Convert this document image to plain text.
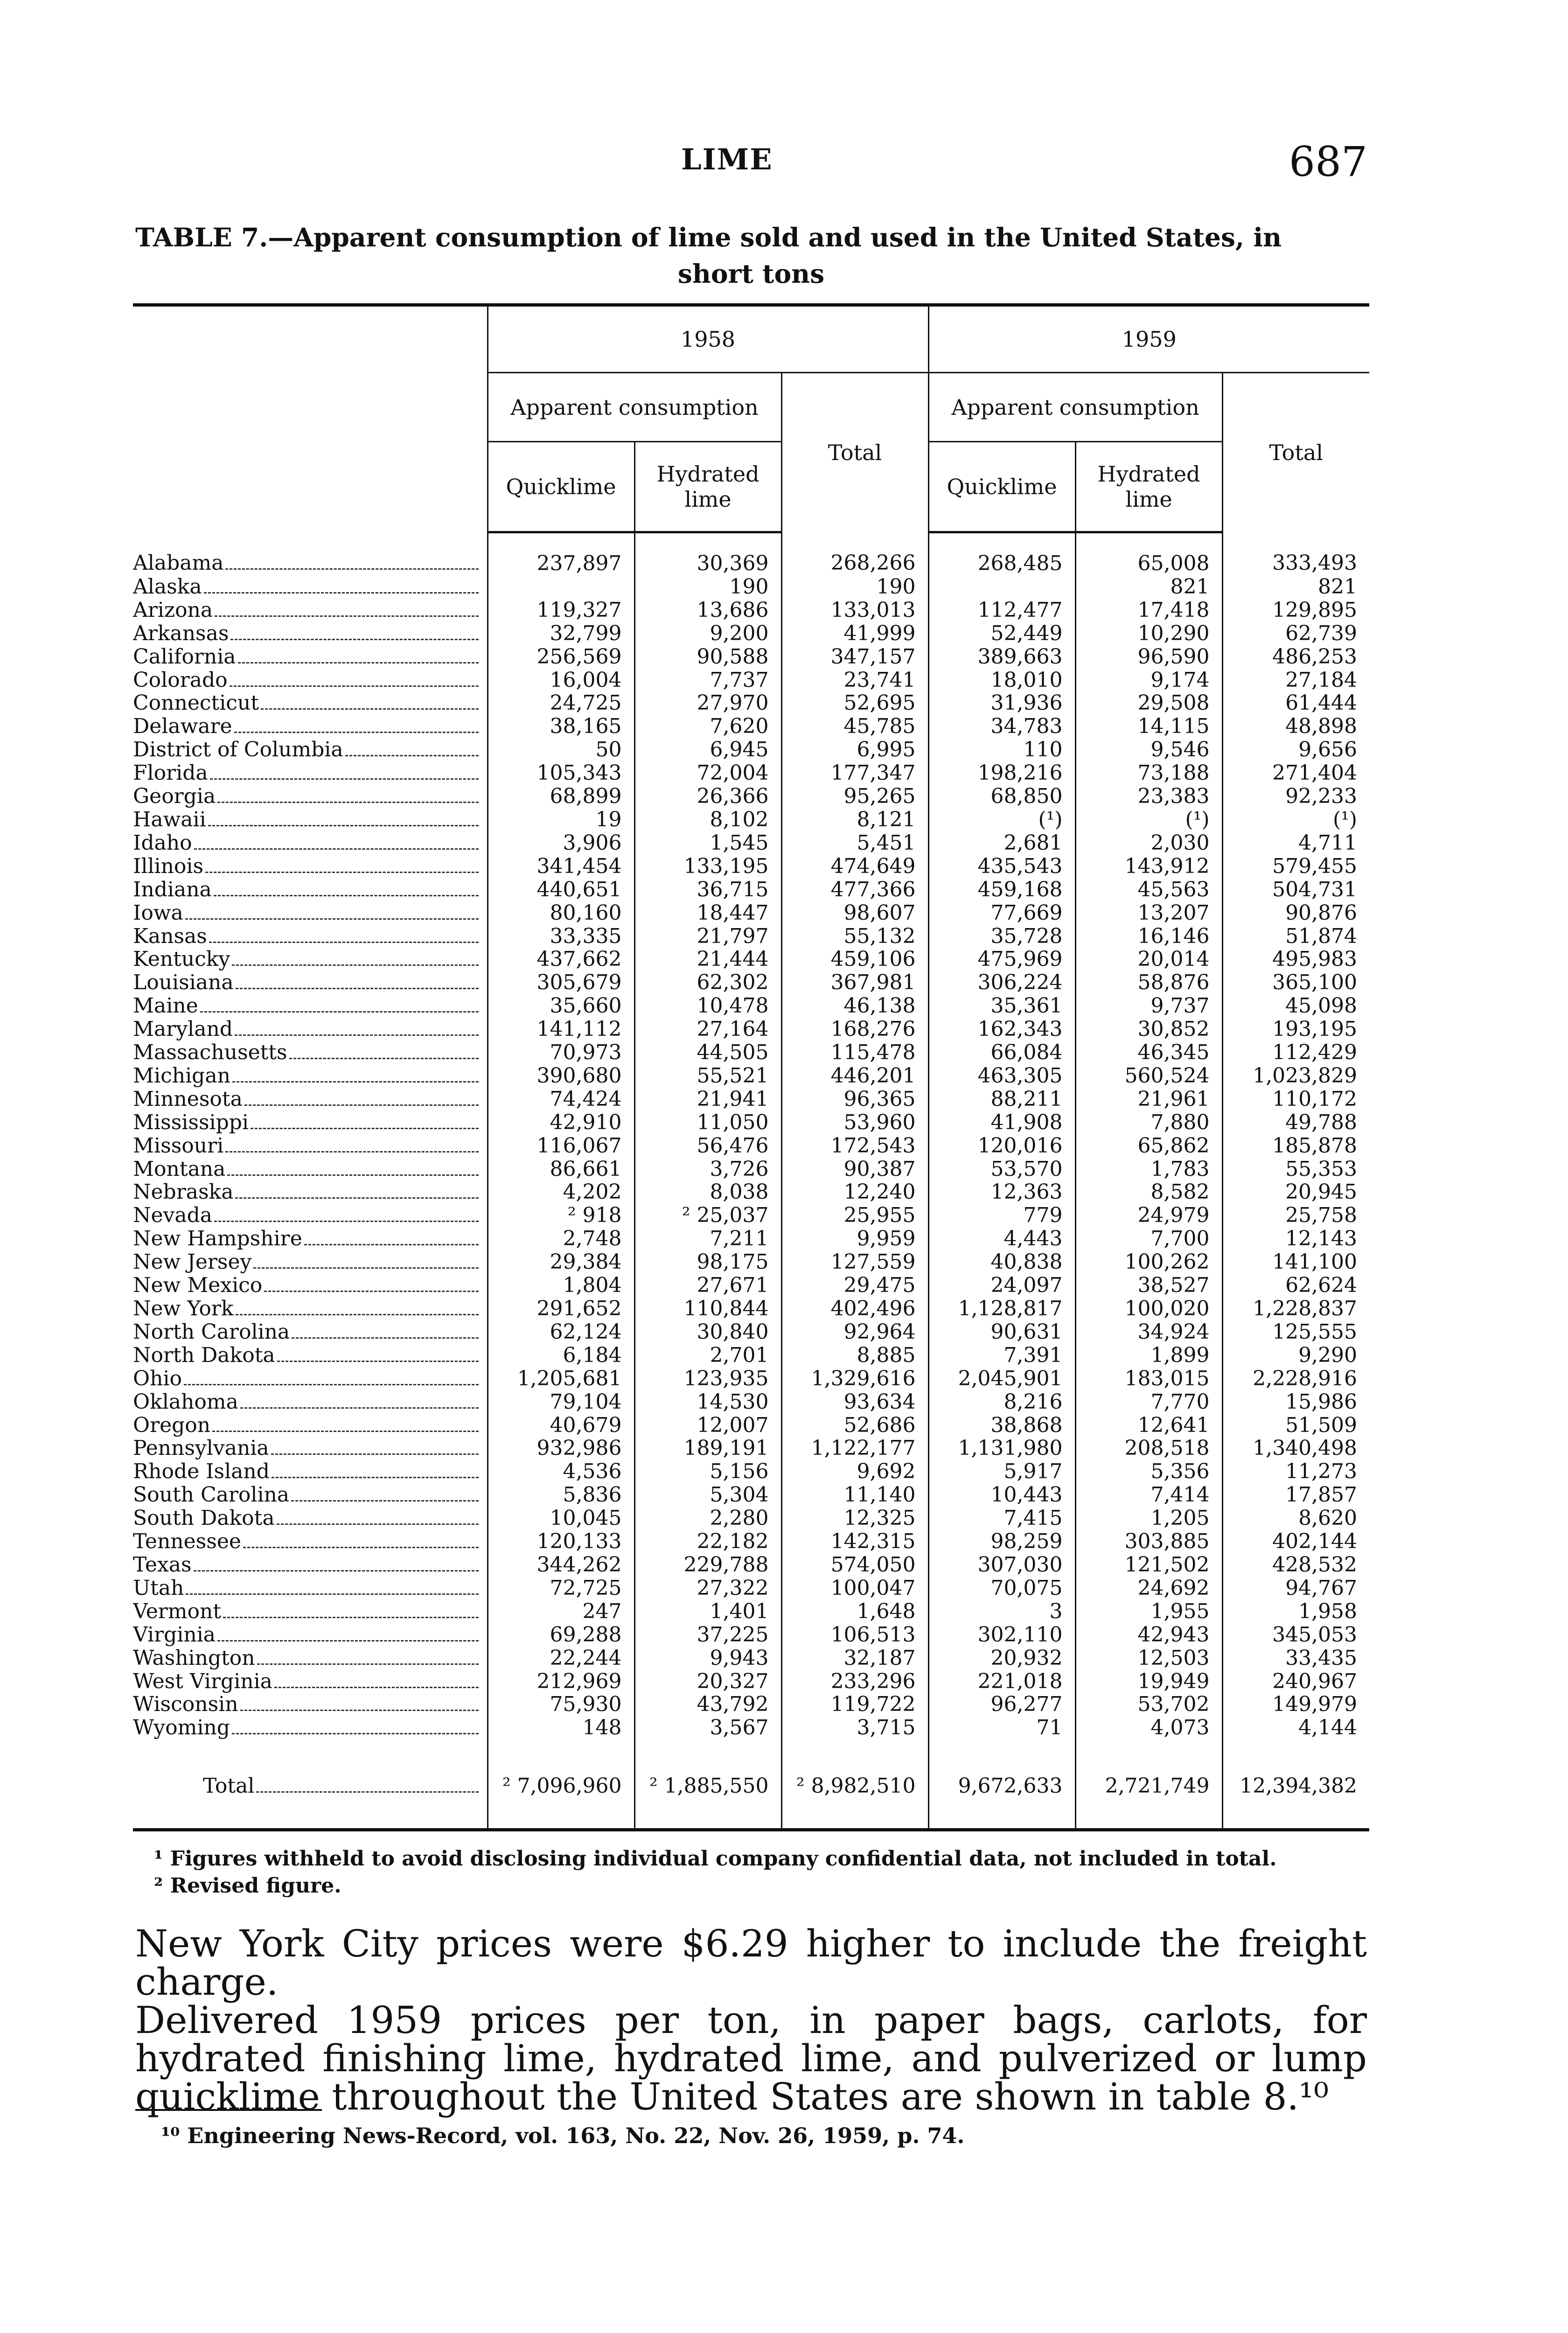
LIME	687
TABLE 7.—Apparent consumption of lime sold and used in the United States, in
short tons
	1958			1959		
	Apparent consumption		Total	Apparent consumption		Total
	Quicklime	Hydrated lime		Quicklime	Hydrated lime	

Alabama	237,897	30,369	268,266	268,485	65,008	333,493

Alaska		190	190		821	821

Arizona	119,327	13,686	133,013	112,477	17,418	129,895

Arkansas	32,799	9,200	41,999	52,449	10,290	62,739

California	256,569	90,588	347,157	389,663	96,590	486,253

Colorado	16,004	7,737	23,741	18,010	9,174	27,184

Connecticut	24,725	27,970	52,695	31,936	29,508	61,444

Delaware	38,165	7,620	45,785	34,783	14,115	48,898

District of Columbia	50	6,945	6,995	110	9,546	9,656

Florida	105,343	72,004	177,347	198,216	73,188	271,404

Georgia	68,899	26,366	95,265	68,850	23,383	92,233

Hawaii	19	8,102	8,121	(¹)	(¹)	(¹)

Idaho	3,906	1,545	5,451	2,681	2,030	4,711

Illinois	341,454	133,195	474,649	435,543	143,912	579,455

Indiana	440,651	36,715	477,366	459,168	45,563	504,731

Iowa	80,160	18,447	98,607	77,669	13,207	90,876

Kansas	33,335	21,797	55,132	35,728	16,146	51,874

Kentucky	437,662	21,444	459,106	475,969	20,014	495,983

Louisiana	305,679	62,302	367,981	306,224	58,876	365,100

Maine	35,660	10,478	46,138	35,361	9,737	45,098

Maryland	141,112	27,164	168,276	162,343	30,852	193,195

Massachusetts	70,973	44,505	115,478	66,084	46,345	112,429

Michigan	390,680	55,521	446,201	463,305	560,524	1,023,829

Minnesota	74,424	21,941	96,365	88,211	21,961	110,172

Mississippi	42,910	11,050	53,960	41,908	7,880	49,788

Missouri	116,067	56,476	172,543	120,016	65,862	185,878

Montana	86,661	3,726	90,387	53,570	1,783	55,353

Nebraska	4,202	8,038	12,240	12,363	8,582	20,945

Nevada	² 918	² 25,037	25,955	779	24,979	25,758

New Hampshire	2,748	7,211	9,959	4,443	7,700	12,143

New Jersey	29,384	98,175	127,559	40,838	100,262	141,100

New Mexico	1,804	27,671	29,475	24,097	38,527	62,624

New York	291,652	110,844	402,496	1,128,817	100,020	1,228,837

North Carolina	62,124	30,840	92,964	90,631	34,924	125,555

North Dakota	6,184	2,701	8,885	7,391	1,899	9,290

Ohio	1,205,681	123,935	1,329,616	2,045,901	183,015	2,228,916

Oklahoma	79,104	14,530	93,634	8,216	7,770	15,986

Oregon	40,679	12,007	52,686	38,868	12,641	51,509

Pennsylvania	932,986	189,191	1,122,177	1,131,980	208,518	1,340,498

Rhode Island	4,536	5,156	9,692	5,917	5,356	11,273

South Carolina	5,836	5,304	11,140	10,443	7,414	17,857

South Dakota	10,045	2,280	12,325	7,415	1,205	8,620

Tennessee	120,133	22,182	142,315	98,259	303,885	402,144

Texas	344,262	229,788	574,050	307,030	121,502	428,532

Utah	72,725	27,322	100,047	70,075	24,692	94,767

Vermont	247	1,401	1,648	3	1,955	1,958

Virginia	69,288	37,225	106,513	302,110	42,943	345,053

Washington	22,244	9,943	32,187	20,932	12,503	33,435

West Virginia	212,969	20,327	233,296	221,018	19,949	240,967

Wisconsin	75,930	43,792	119,722	96,277	53,702	149,979

Wyoming	148	3,567	3,715	71	4,073	4,144

Total	² 7,096,960	² 1,885,550	² 8,982,510	9,672,633	2,721,749	12,394,382

¹ Figures withheld to avoid disclosing individual company confidential data, not included in total.
² Revised figure.

New York City prices were $6.29 higher to include the freight charge.

Delivered 1959 prices per ton, in paper bags, carlots, for hydrated finishing lime, hydrated lime, and pulverized or lump quicklime throughout the United States are shown in table 8.¹⁰

¹⁰ Engineering News-Record, vol. 163, No. 22, Nov. 26, 1959, p. 74.
